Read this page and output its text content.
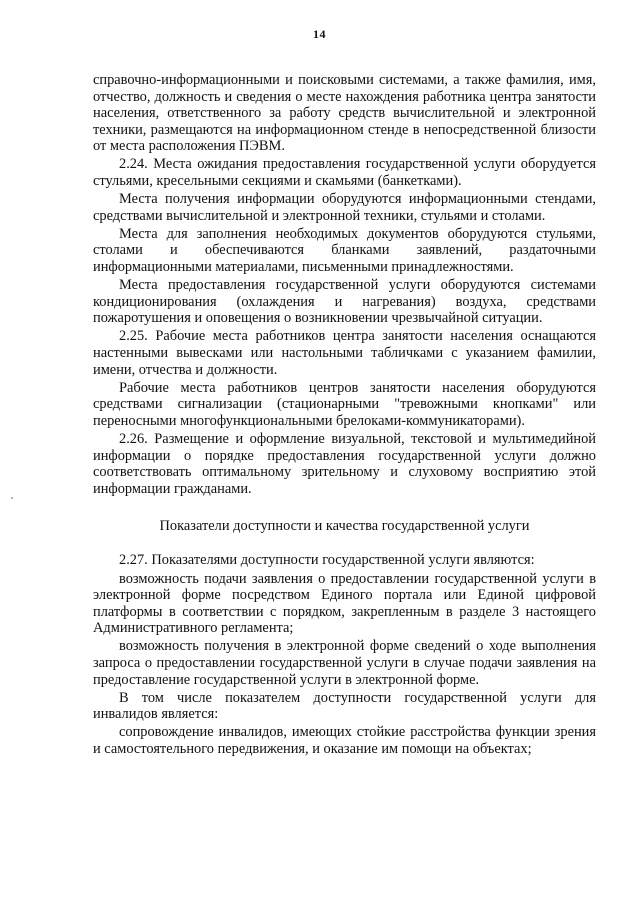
14

справочно-информационными и поисковыми системами, а также фамилия, имя, отчество, должность и сведения о месте нахождения работника центра занятости населения, ответственного за работу средств вычислительной и электронной техники, размещаются на информационном стенде в непосредственной близости от места расположения ПЭВМ.

2.24. Места ожидания предоставления государственной услуги оборудуется стульями, кресельными секциями и скамьями (банкетками).

Места получения информации оборудуются информационными стендами, средствами вычислительной и электронной техники, стульями и столами.

Места для заполнения необходимых документов оборудуются стульями, столами и обеспечиваются бланками заявлений, раздаточными информационными материалами, письменными принадлежностями.

Места предоставления государственной услуги оборудуются системами кондиционирования (охлаждения и нагревания) воздуха, средствами пожаротушения и оповещения о возникновении чрезвычайной ситуации.

2.25. Рабочие места работников центра занятости населения оснащаются настенными вывесками или настольными табличками с указанием фамилии, имени, отчества и должности.

Рабочие места работников центров занятости населения оборудуются средствами сигнализации (стационарными "тревожными кнопками" или переносными многофункциональными брелоками-коммуникаторами).

2.26. Размещение и оформление визуальной, текстовой и мультимедийной информации о порядке предоставления государственной услуги должно соответствовать оптимальному зрительному и слуховому восприятию этой информации гражданами.

Показатели доступности и качества государственной услуги

2.27. Показателями доступности государственной услуги являются:

возможность подачи заявления о предоставлении государственной услуги в электронной форме посредством Единого портала или Единой цифровой платформы в соответствии с порядком, закрепленным в разделе 3 настоящего Административного регламента;

возможность получения в электронной форме сведений о ходе выполнения запроса о предоставлении государственной услуги в случае подачи заявления на предоставление государственной услуги в электронной форме.

В том числе показателем доступности государственной услуги для инвалидов является:

сопровождение инвалидов, имеющих стойкие расстройства функции зрения и самостоятельного передвижения, и оказание им помощи на объектах;
